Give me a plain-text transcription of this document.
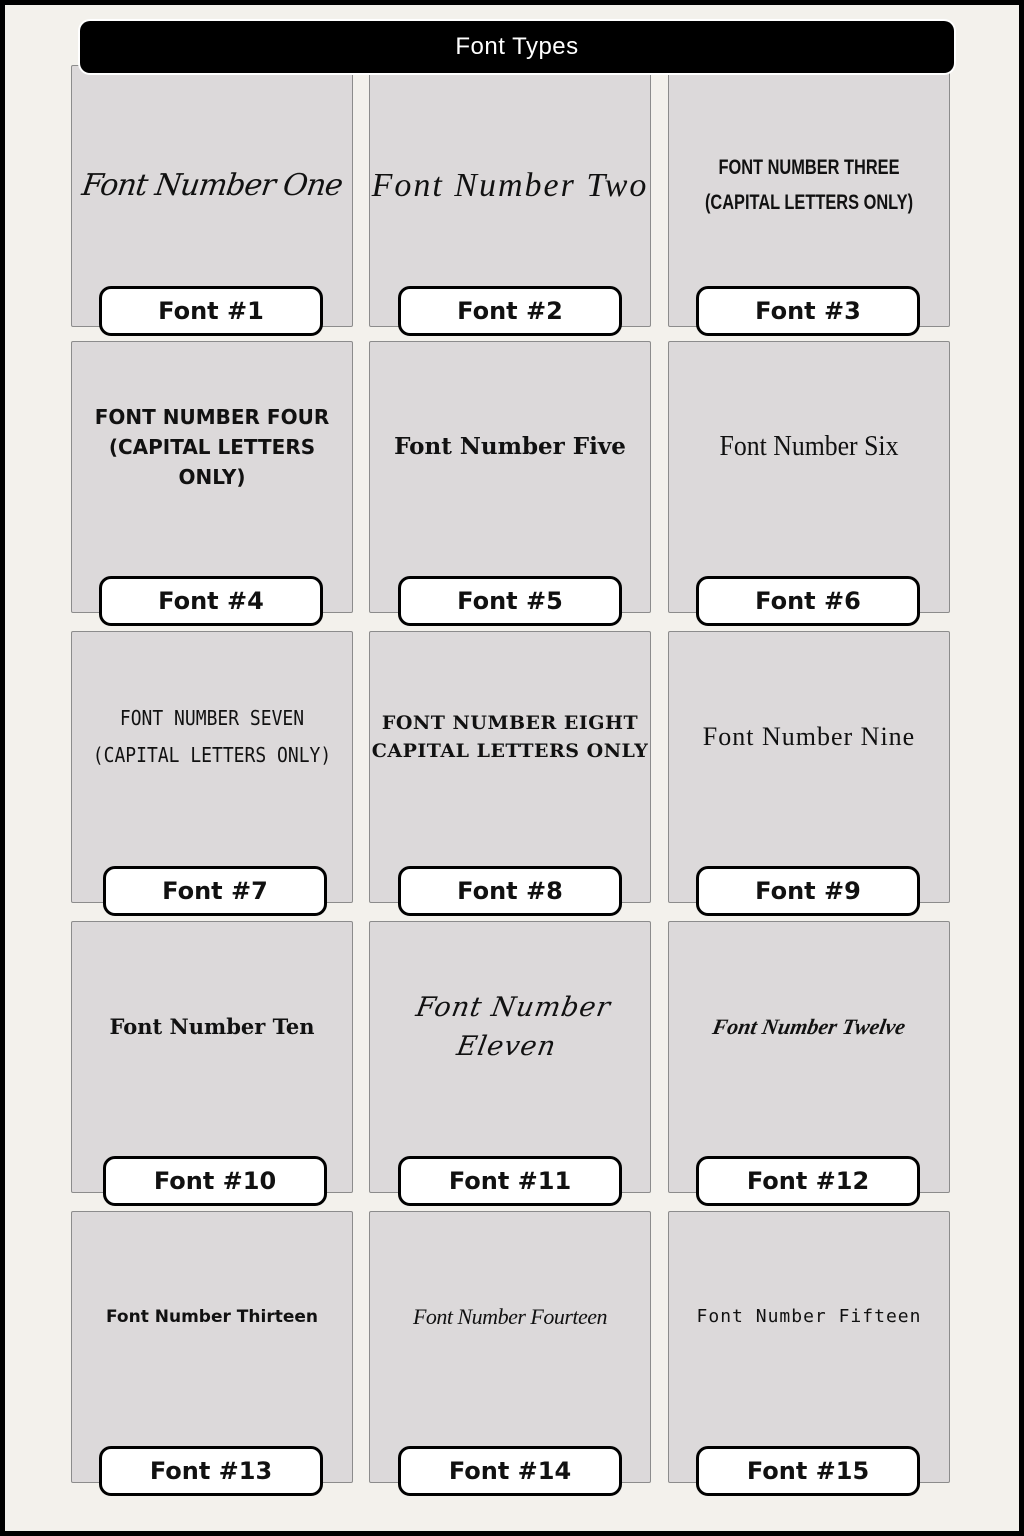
Font Types
Font Number One
Font #1
Font Number Two
Font #2
FONT NUMBER THREE
(CAPITAL LETTERS ONLY)
Font #3
FONT NUMBER FOUR
(CAPITAL LETTERS ONLY)
Font #4
Font Number Five
Font #5
Font Number Six
Font #6
FONT NUMBER SEVEN
(CAPITAL LETTERS ONLY)
Font #7
FONT NUMBER EIGHT
CAPITAL LETTERS ONLY
Font #8
Font Number Nine
Font #9
Font Number Ten
Font #10
Font Number Eleven
Font #11
Font Number Twelve
Font #12
Font Number Thirteen
Font #13
Font Number Fourteen
Font #14
Font Number Fifteen
Font #15
